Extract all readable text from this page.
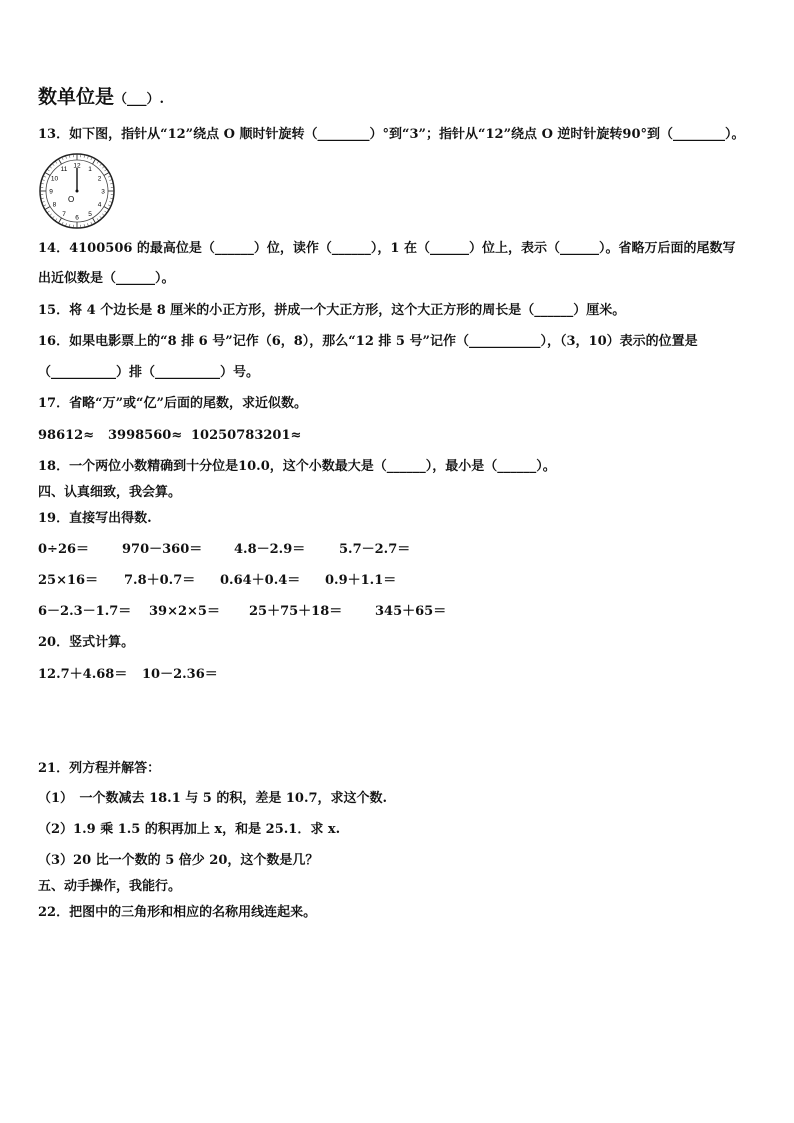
数单位是（___）.
13．如下图，指针从“12”绕点 O 顺时针旋转（________）°到“3”；指针从“12”绕点 O 逆时针旋转90°到（________）。
12 1
2
3
4
5
6
7
8
9
10
11
O
14．4100506 的最高位是（______）位，读作（______），1 在（______）位上，表示（______）。省略万后面的尾数写
出近似数是（______）。
15．将 4 个边长是 8 厘米的小正方形，拼成一个大正方形，这个大正方形的周长是（______）厘米。
16．如果电影票上的“8 排 6 号”记作（6，8），那么“12 排 5 号”记作（___________），（3，10）表示的位置是
（__________）排（__________）号。
17．省略“万”或“亿”后面的尾数，求近似数。
98612≈ 3998560≈ 10250783201≈
18．一个两位小数精确到十分位是10.0，这个小数最大是（______），最小是（______）。
四、认真细致，我会算。
19．直接写出得数.
0÷26＝	970－360＝ 4.8－2.9＝	5.7－2.7＝
25×16＝ 7.8＋0.7＝ 0.64＋0.4＝ 0.9＋1.1＝
6－2.3－1.7＝ 39×2×5＝ 25＋75＋18＝	345＋65＝
20．竖式计算。
12.7＋4.68＝ 10－2.36＝
21．列方程并解答：
（1）　一个数减去 18.1 与 5 的积，差是 10.7，求这个数.
（2）1.9 乘 1.5 的积再加上 x，和是 25.1．求 x.
（3）20 比一个数的 5 倍少 20，这个数是几？
五、动手操作，我能行。
22．把图中的三角形和相应的名称用线连起来。
